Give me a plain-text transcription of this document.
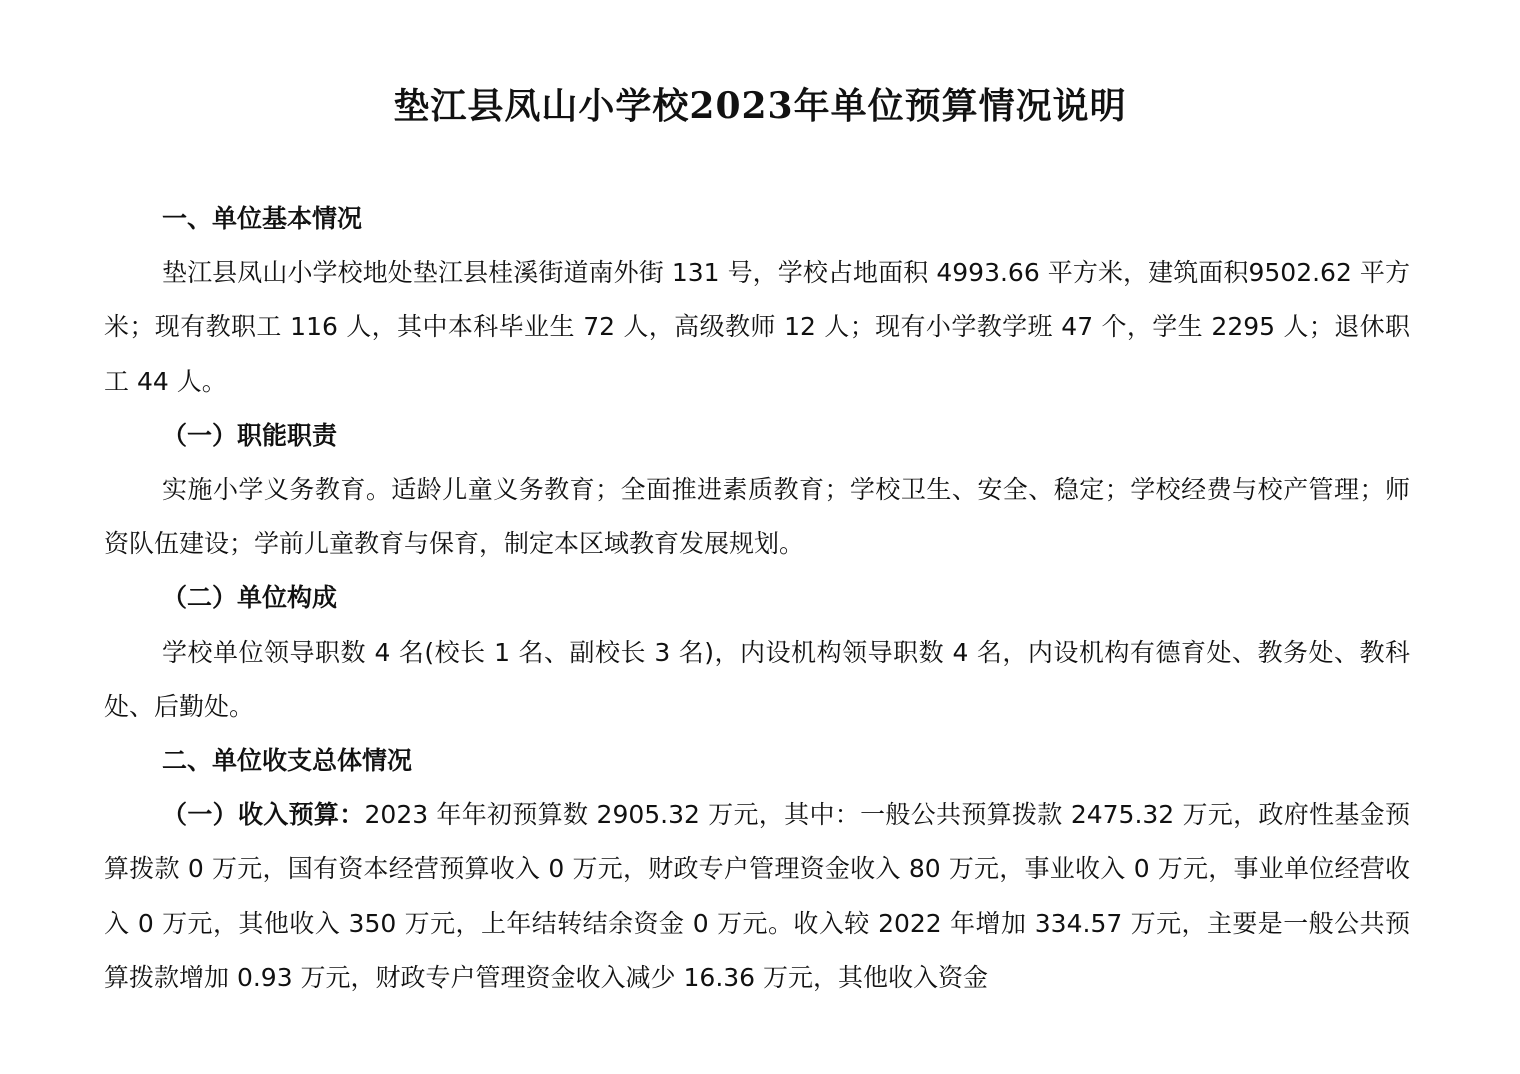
垫江县凤山小学校2023年单位预算情况说明

一、单位基本情况

垫江县凤山小学校地处垫江县桂溪街道南外街 131 号，学校占地面积 4993.66 平方米，建筑面积9502.62 平方米；现有教职工 116 人，其中本科毕业生 72 人，高级教师 12 人；现有小学教学班 47 个，学生 2295 人；退休职工 44 人。

（一）职能职责

实施小学义务教育。适龄儿童义务教育；全面推进素质教育；学校卫生、安全、稳定；学校经费与校产管理；师资队伍建设；学前儿童教育与保育，制定本区域教育发展规划。

（二）单位构成

学校单位领导职数 4 名(校长 1 名、副校长 3 名)，内设机构领导职数 4 名，内设机构有德育处、教务处、教科处、后勤处。

二、单位收支总体情况

（一）收入预算：2023 年年初预算数 2905.32 万元，其中：一般公共预算拨款 2475.32 万元，政府性基金预算拨款 0 万元，国有资本经营预算收入 0 万元，财政专户管理资金收入 80 万元，事业收入 0 万元，事业单位经营收入 0 万元，其他收入 350 万元，上年结转结余资金 0 万元。收入较 2022 年增加 334.57 万元，主要是一般公共预算拨款增加 0.93 万元，财政专户管理资金收入减少 16.36 万元，其他收入资金
